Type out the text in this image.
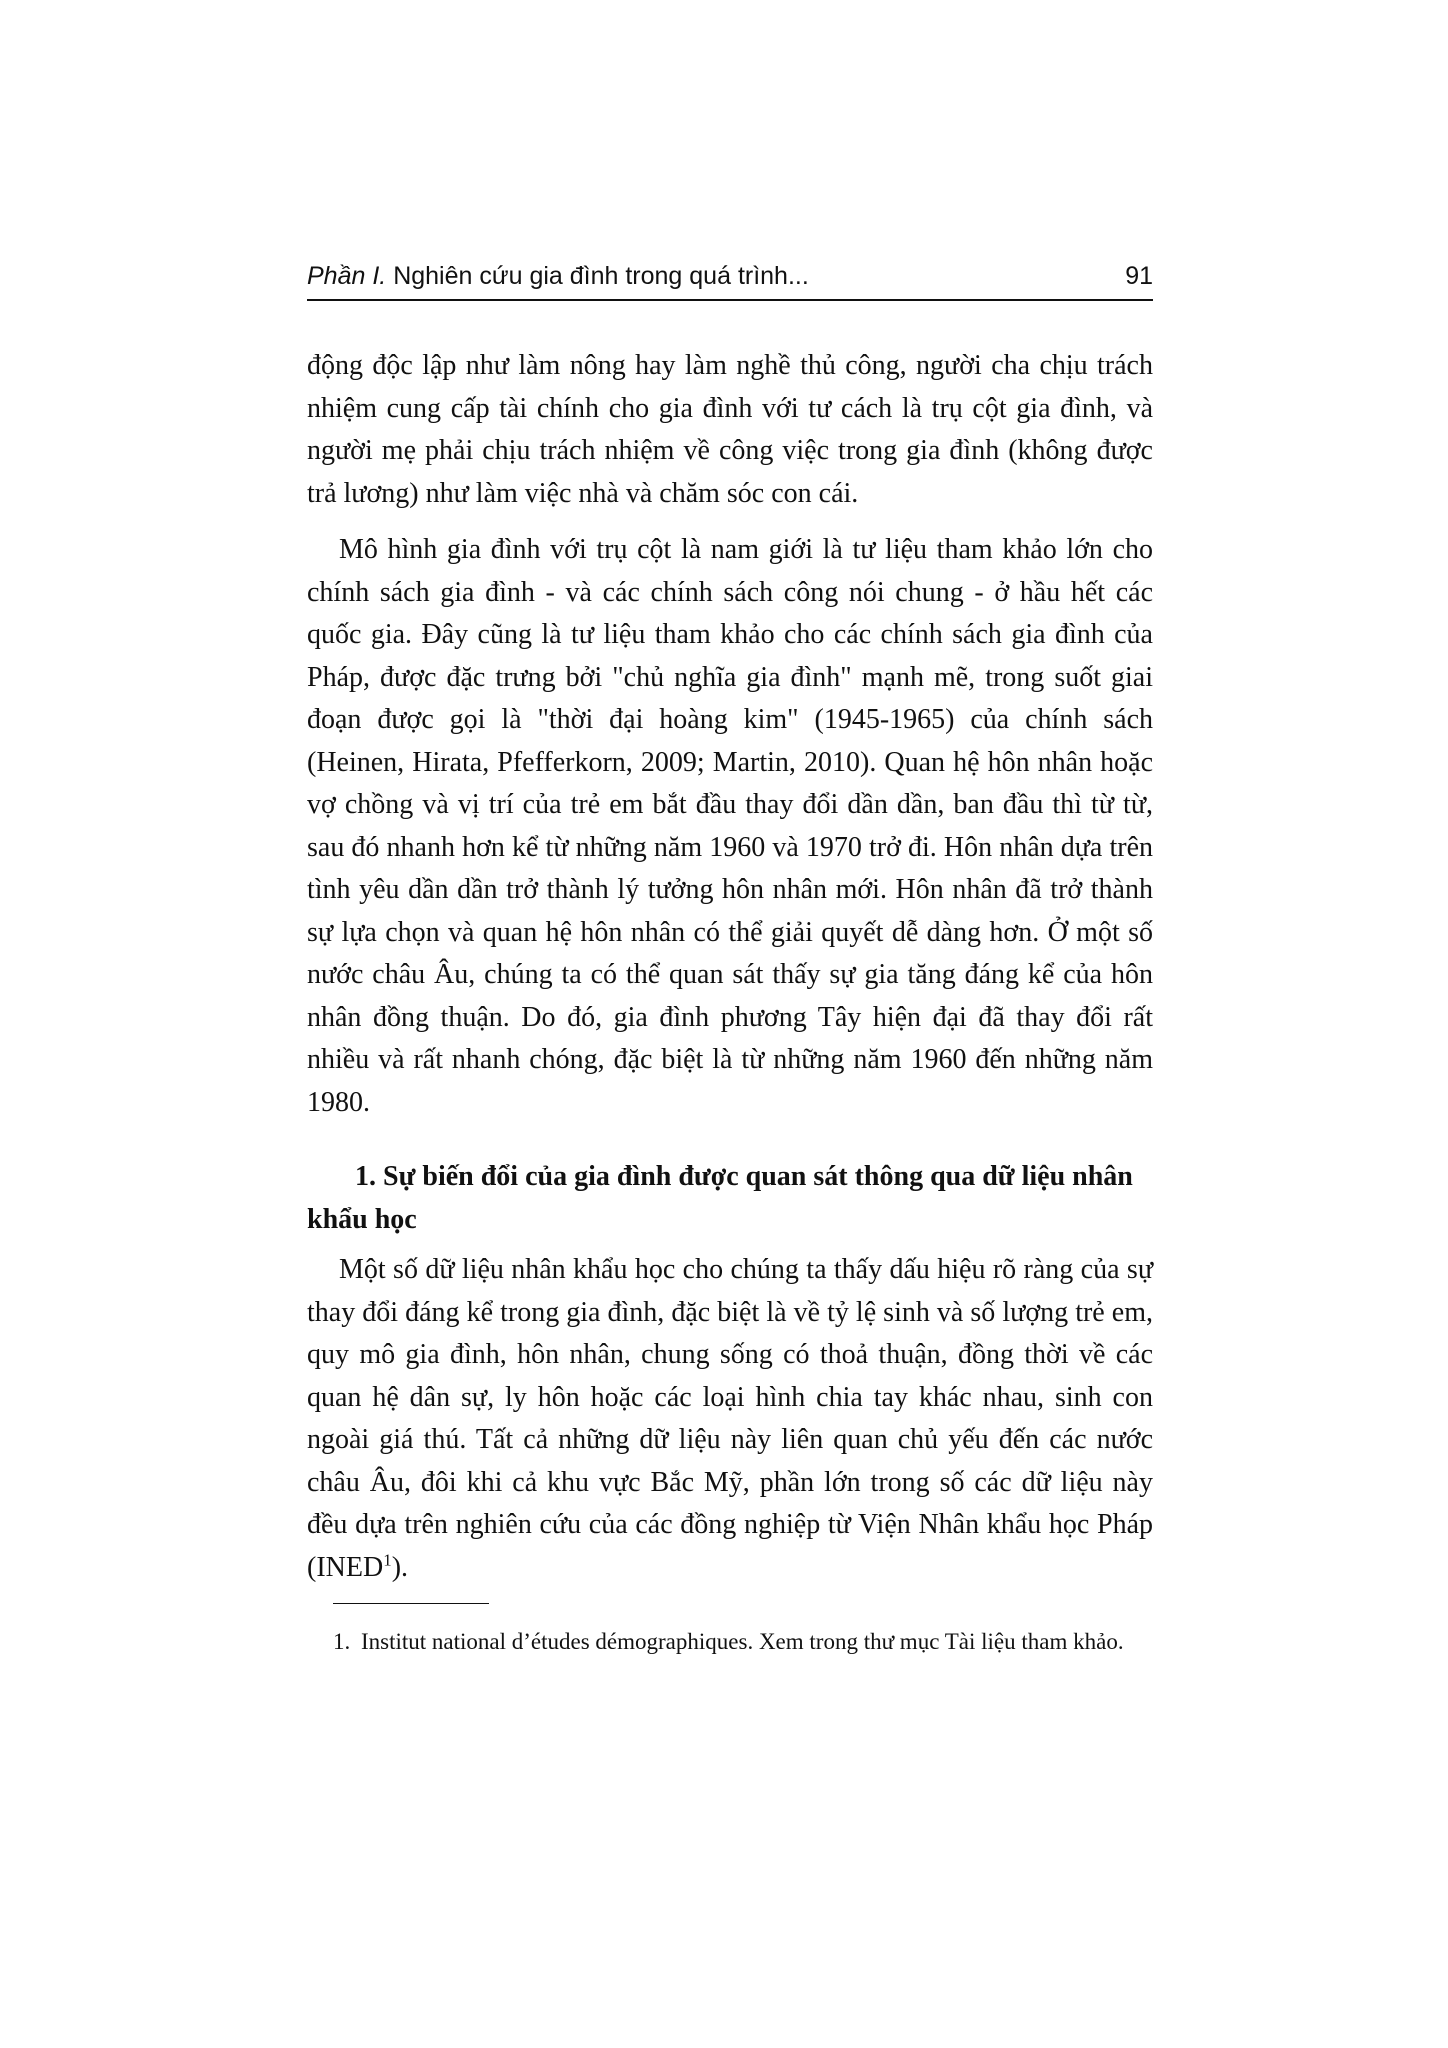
Phần I. Nghiên cứu gia đình trong quá trình...	91

động độc lập như làm nông hay làm nghề thủ công, người cha chịu trách nhiệm cung cấp tài chính cho gia đình với tư cách là trụ cột gia đình, và người mẹ phải chịu trách nhiệm về công việc trong gia đình (không được trả lương) như làm việc nhà và chăm sóc con cái.

Mô hình gia đình với trụ cột là nam giới là tư liệu tham khảo lớn cho chính sách gia đình - và các chính sách công nói chung - ở hầu hết các quốc gia. Đây cũng là tư liệu tham khảo cho các chính sách gia đình của Pháp, được đặc trưng bởi "chủ nghĩa gia đình" mạnh mẽ, trong suốt giai đoạn được gọi là "thời đại hoàng kim" (1945-1965) của chính sách (Heinen, Hirata, Pfefferkorn, 2009; Martin, 2010). Quan hệ hôn nhân hoặc vợ chồng và vị trí của trẻ em bắt đầu thay đổi dần dần, ban đầu thì từ từ, sau đó nhanh hơn kể từ những năm 1960 và 1970 trở đi. Hôn nhân dựa trên tình yêu dần dần trở thành lý tưởng hôn nhân mới. Hôn nhân đã trở thành sự lựa chọn và quan hệ hôn nhân có thể giải quyết dễ dàng hơn. Ở một số nước châu Âu, chúng ta có thể quan sát thấy sự gia tăng đáng kể của hôn nhân đồng thuận. Do đó, gia đình phương Tây hiện đại đã thay đổi rất nhiều và rất nhanh chóng, đặc biệt là từ những năm 1960 đến những năm 1980.

1. Sự biến đổi của gia đình được quan sát thông qua dữ liệu nhân khẩu học

Một số dữ liệu nhân khẩu học cho chúng ta thấy dấu hiệu rõ ràng của sự thay đổi đáng kể trong gia đình, đặc biệt là về tỷ lệ sinh và số lượng trẻ em, quy mô gia đình, hôn nhân, chung sống có thoả thuận, đồng thời về các quan hệ dân sự, ly hôn hoặc các loại hình chia tay khác nhau, sinh con ngoài giá thú. Tất cả những dữ liệu này liên quan chủ yếu đến các nước châu Âu, đôi khi cả khu vực Bắc Mỹ, phần lớn trong số các dữ liệu này đều dựa trên nghiên cứu của các đồng nghiệp từ Viện Nhân khẩu học Pháp (INED$^1$).

1. Institut national d’études démographiques. Xem trong thư mục Tài liệu tham khảo.
